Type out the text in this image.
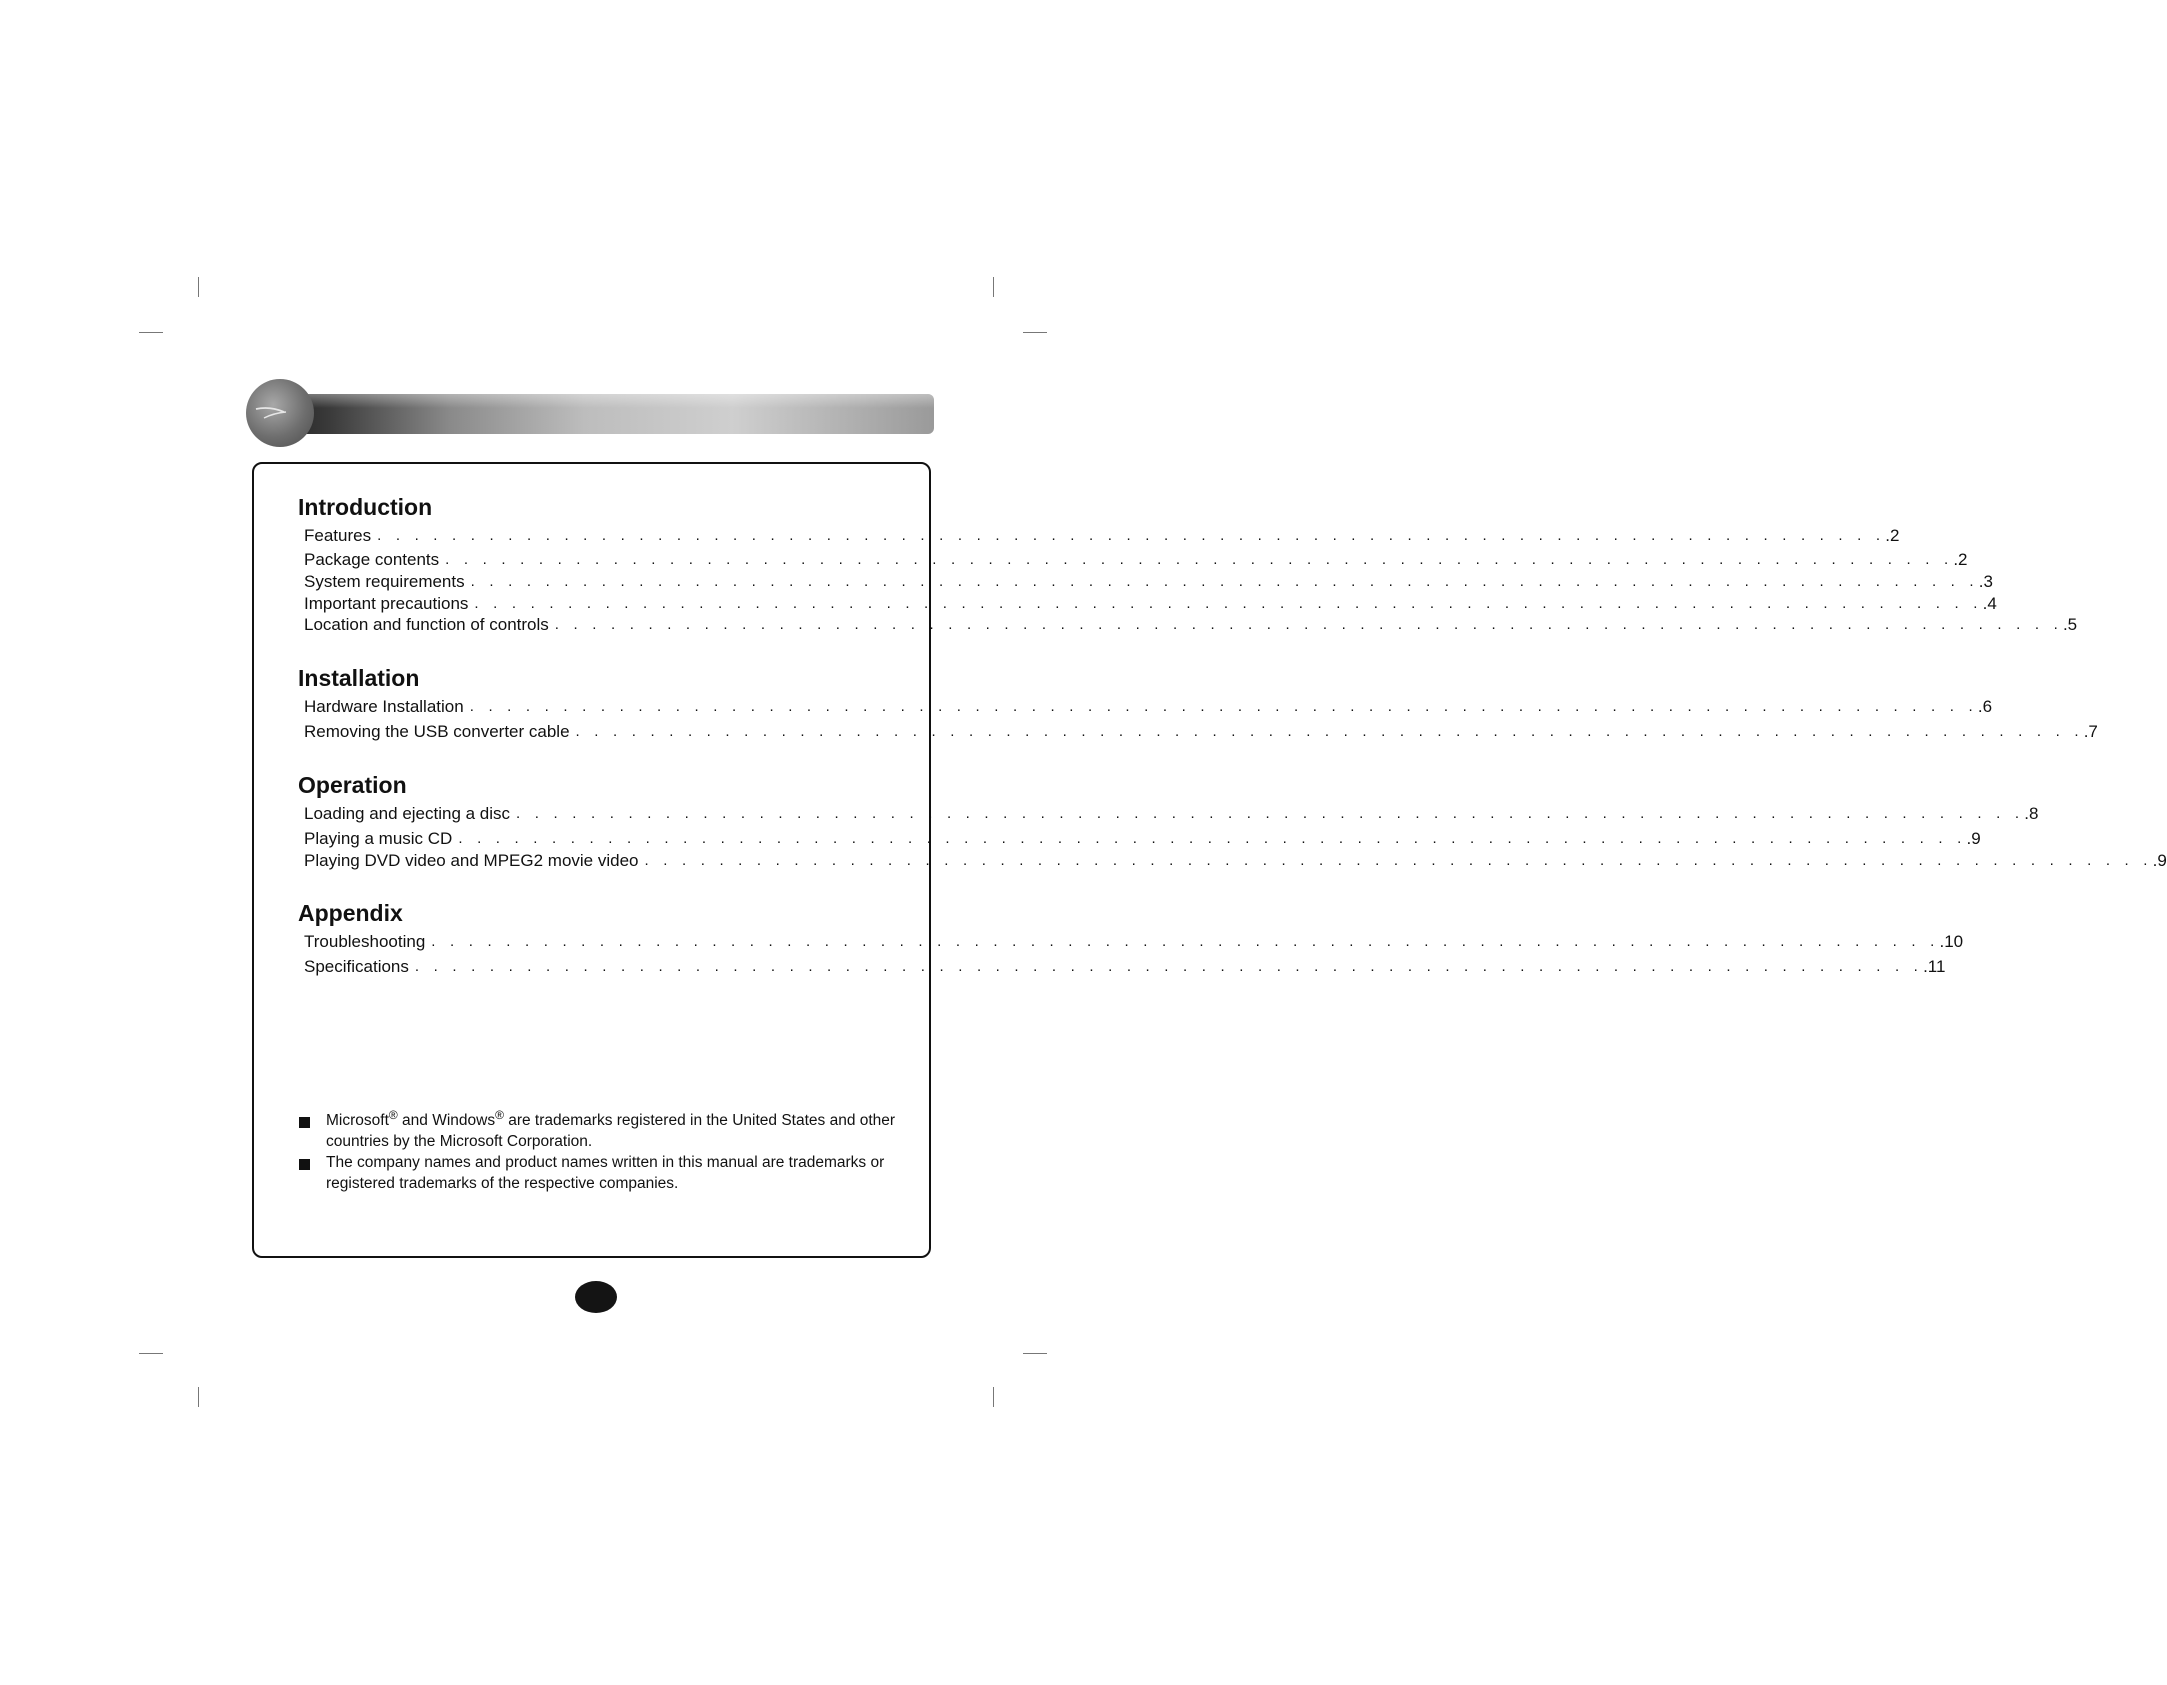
Introduction
Features . . . . . . . . . . . . . . . . . . . . . . . . . . . . . . . . . . . . . . . . . . . . . . . . . . . . . . . . . . . . . . . . . . . . . . . . . . . . . . . . . .2
Package contents . . . . . . . . . . . . . . . . . . . . . . . . . . . . . . . . . . . . . . . . . . . . . . . . . . . . . . . . . . . . . . . . . . . . . . . . . . . . . . . . . .2
System requirements . . . . . . . . . . . . . . . . . . . . . . . . . . . . . . . . . . . . . . . . . . . . . . . . . . . . . . . . . . . . . . . . . . . . . . . . . . . . . . . . . .3
Important precautions . . . . . . . . . . . . . . . . . . . . . . . . . . . . . . . . . . . . . . . . . . . . . . . . . . . . . . . . . . . . . . . . . . . . . . . . . . . . . . . . . .4
Location and function of controls . . . . . . . . . . . . . . . . . . . . . . . . . . . . . . . . . . . . . . . . . . . . . . . . . . . . . . . . . . . . . . . . . . . . . . . . . . . . . . . . . .5
Installation
Hardware Installation . . . . . . . . . . . . . . . . . . . . . . . . . . . . . . . . . . . . . . . . . . . . . . . . . . . . . . . . . . . . . . . . . . . . . . . . . . . . . . . . . .6
Removing the USB converter cable . . . . . . . . . . . . . . . . . . . . . . . . . . . . . . . . . . . . . . . . . . . . . . . . . . . . . . . . . . . . . . . . . . . . . . . . . . . . . . . . . .7
Operation
Loading and ejecting a disc . . . . . . . . . . . . . . . . . . . . . . . . . . . . . . . . . . . . . . . . . . . . . . . . . . . . . . . . . . . . . . . . . . . . . . . . . . . . . . . . . .8
Playing a music CD . . . . . . . . . . . . . . . . . . . . . . . . . . . . . . . . . . . . . . . . . . . . . . . . . . . . . . . . . . . . . . . . . . . . . . . . . . . . . . . . . .9
Playing DVD video and MPEG2 movie video . . . . . . . . . . . . . . . . . . . . . . . . . . . . . . . . . . . . . . . . . . . . . . . . . . . . . . . . . . . . . . . . . . . . . . . . . . . . . . . . . .9
Appendix
Troubleshooting . . . . . . . . . . . . . . . . . . . . . . . . . . . . . . . . . . . . . . . . . . . . . . . . . . . . . . . . . . . . . . . . . . . . . . . . . . . . . . . . . .10
Specifications . . . . . . . . . . . . . . . . . . . . . . . . . . . . . . . . . . . . . . . . . . . . . . . . . . . . . . . . . . . . . . . . . . . . . . . . . . . . . . . . . .11
Microsoft® and Windows® are trademarks registered in the United States and other countries by the Microsoft Corporation.
The company names and product names written in this manual are trademarks or registered trademarks of the respective companies.
